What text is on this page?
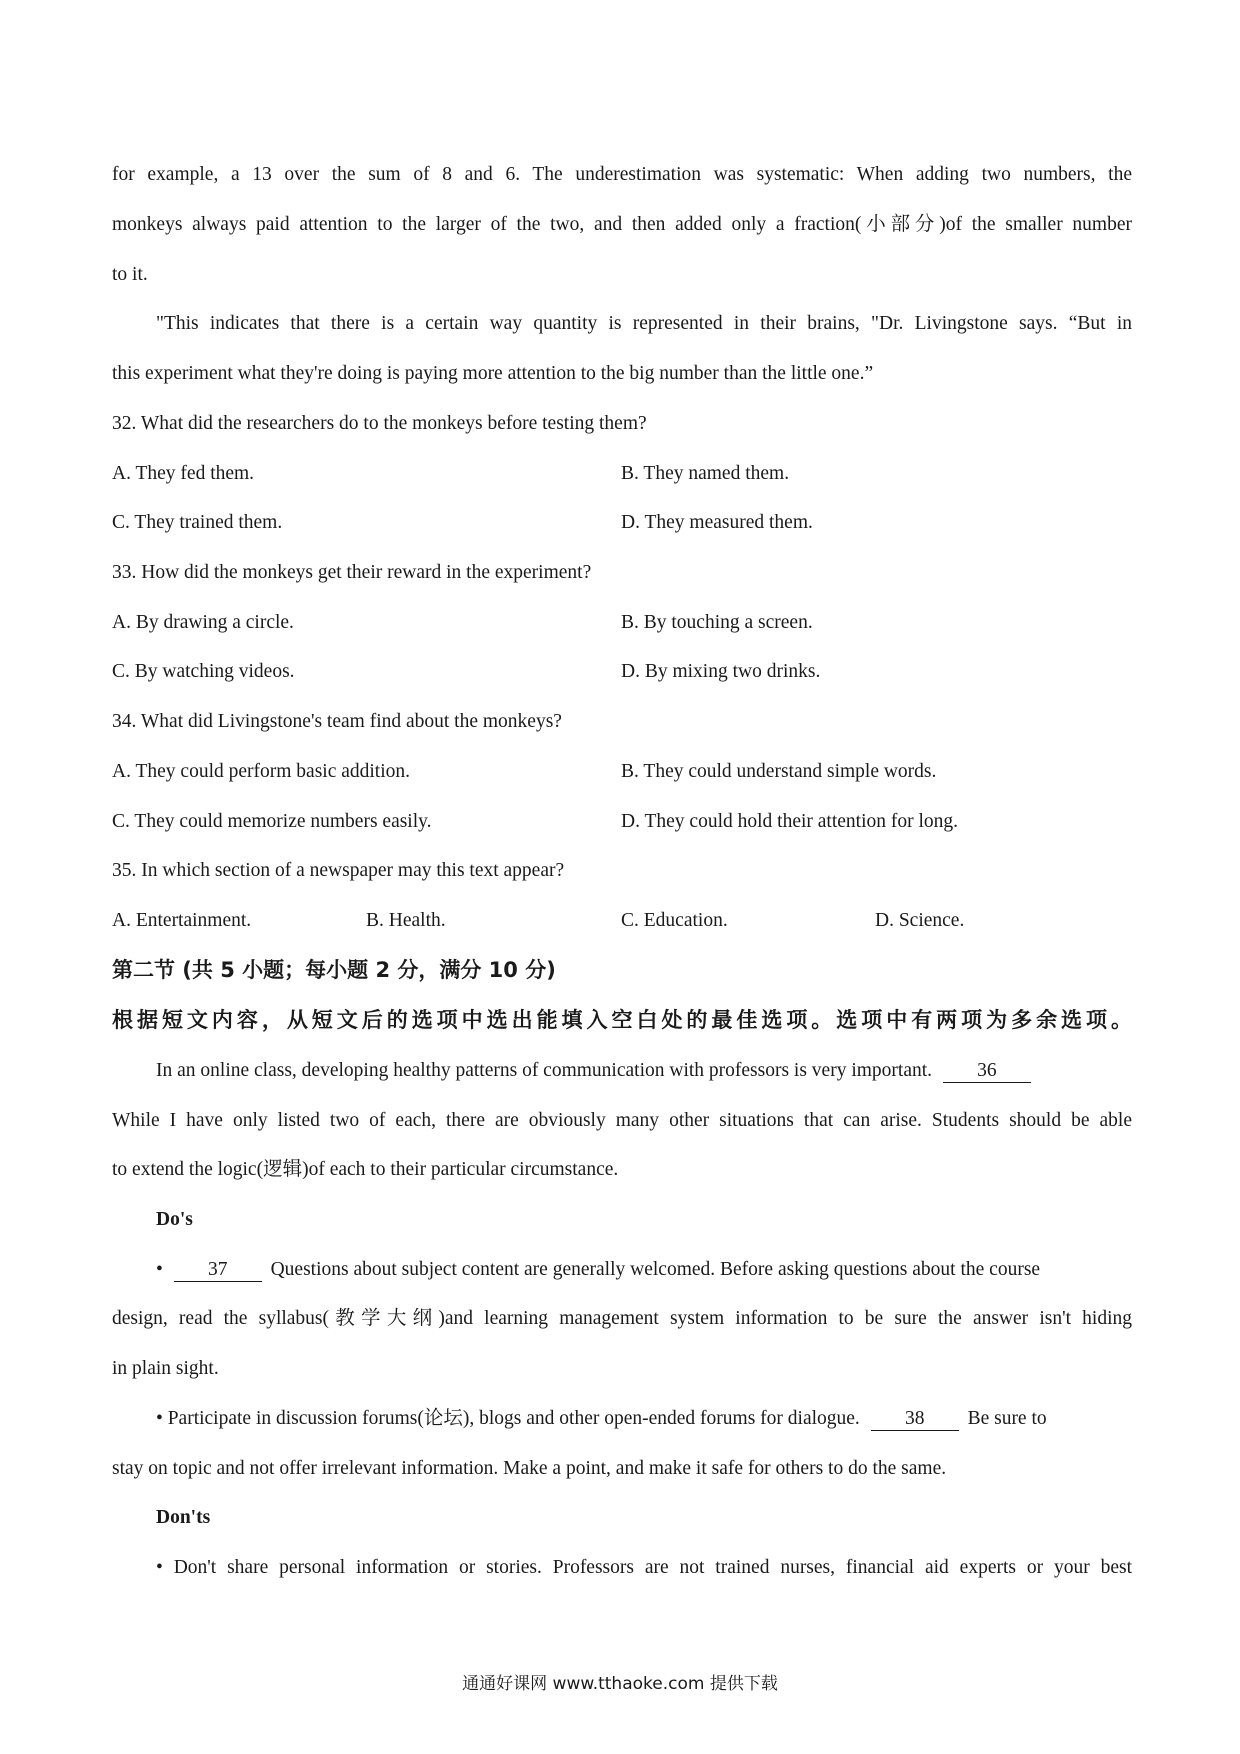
for example, a 13 over the sum of 8 and 6. The underestimation was systematic: When adding two numbers, the
monkeys always paid attention to the larger of the two, and then added only a fraction(小部分)of the smaller number
to it.
"This indicates that there is a certain way quantity is represented in their brains, "Dr. Livingstone says. “But in
this experiment what they're doing is paying more attention to the big number than the little one.”
32. What did the researchers do to the monkeys before testing them?
A. They fed them.	B. They named them.
C. They trained them.	D. They measured them.
33. How did the monkeys get their reward in the experiment?
A. By drawing a circle.	B. By touching a screen.
C. By watching videos.	D. By mixing two drinks.
34. What did Livingstone's team find about the monkeys?
A. They could perform basic addition.	B. They could understand simple words.
C. They could memorize numbers easily.	D. They could hold their attention for long.
35. In which section of a newspaper may this text appear?
A. Entertainment.	B. Health.	C. Education.	D. Science.
第二节 (共 5 小题；每小题 2 分，满分 10 分)
根据短文内容，从短文后的选项中选出能填入空白处的最佳选项。选项中有两项为多余选项。
In an online class, developing healthy patterns of communication with professors is very important. 36
While I have only listed two of each, there are obviously many other situations that can arise. Students should be able
to extend the logic(逻辑)of each to their particular circumstance.
Do's
• 37 Questions about subject content are generally welcomed. Before asking questions about the course
design, read the syllabus(教学大纲)and learning management system information to be sure the answer isn't hiding
in plain sight.
• Participate in discussion forums(论坛), blogs and other open-ended forums for dialogue. 38 Be sure to
stay on topic and not offer irrelevant information. Make a point, and make it safe for others to do the same.
Don'ts
• Don't share personal information or stories. Professors are not trained nurses, financial aid experts or your best
通通好课网 www.tthaoke.com 提供下载
